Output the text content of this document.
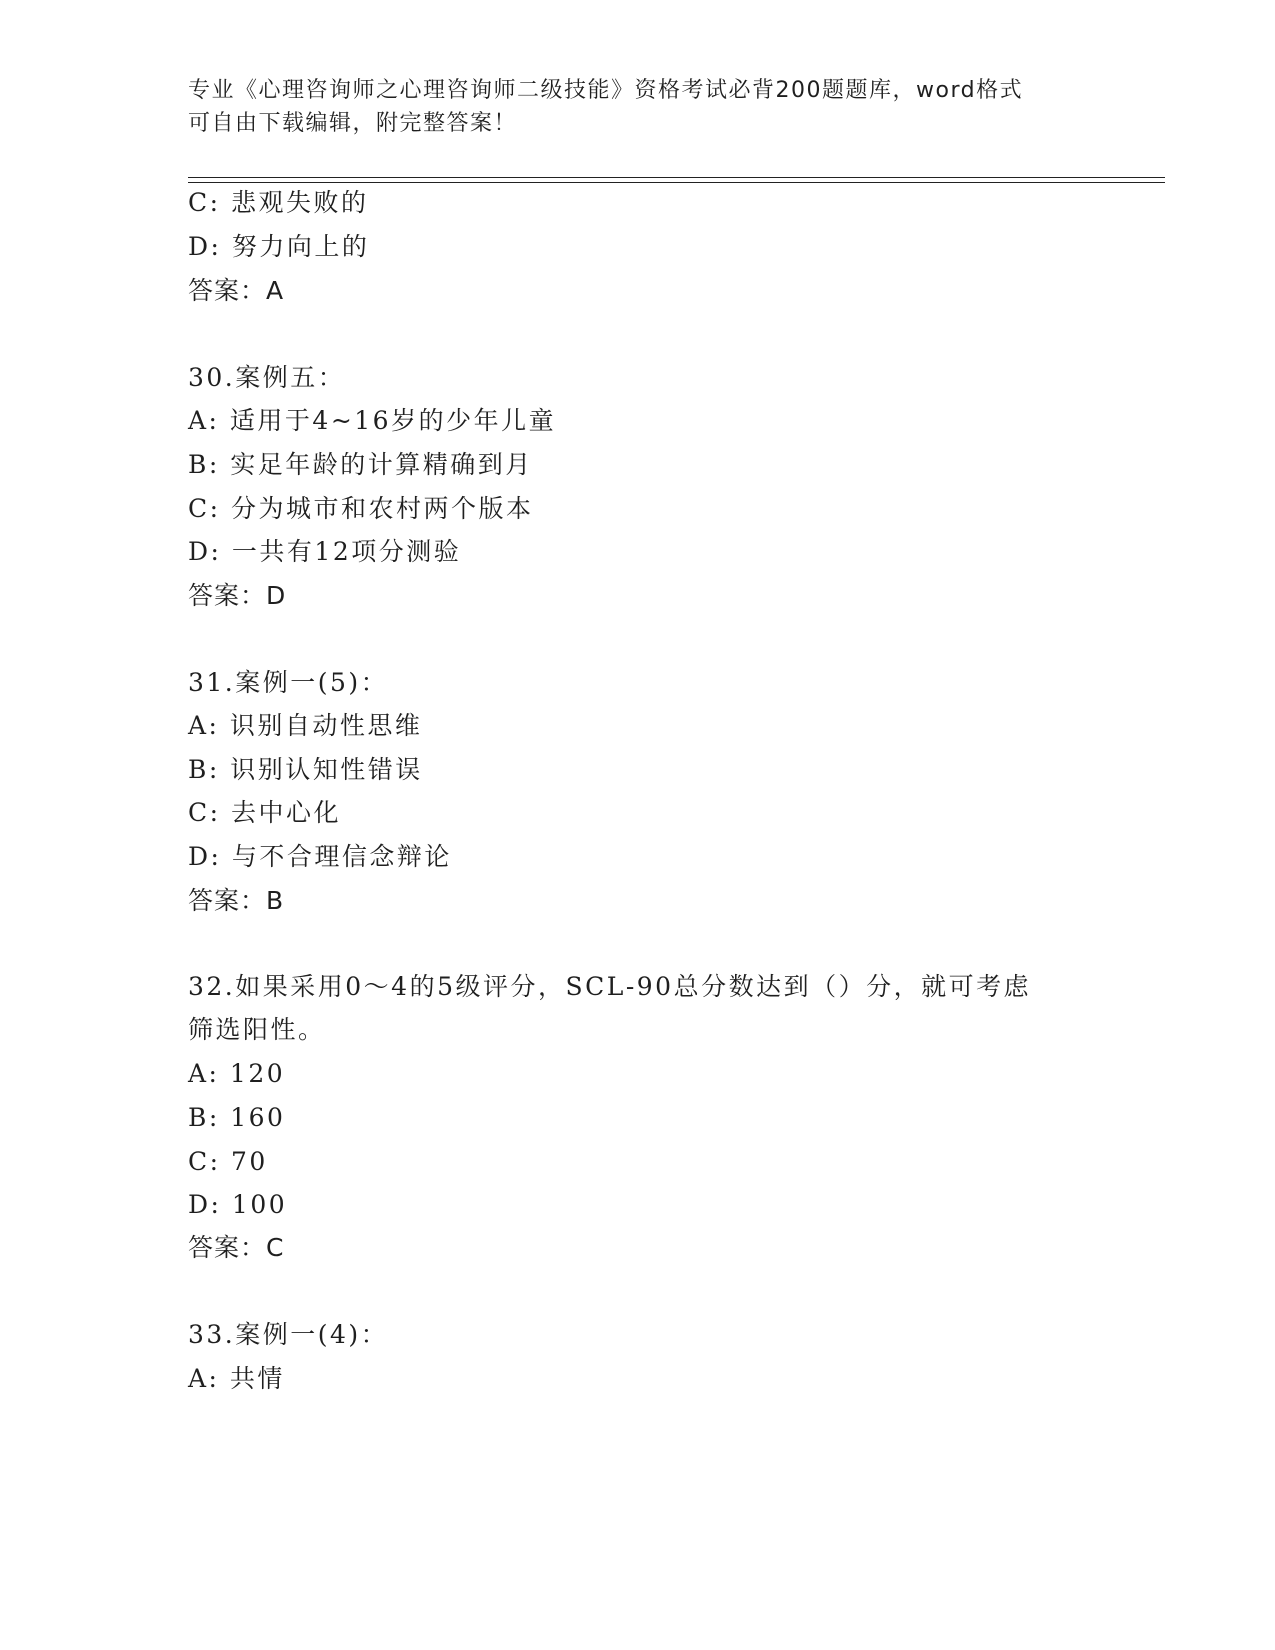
专业《心理咨询师之心理咨询师二级技能》资格考试必背200题题库，word格式
可自由下载编辑，附完整答案！
C: 悲观失败的
D: 努力向上的
答案：A
30.案例五：
A: 适用于4~16岁的少年儿童
B: 实足年龄的计算精确到月
C: 分为城市和农村两个版本
D: 一共有12项分测验
答案：D
31.案例一(5)：
A: 识别自动性思维
B: 识别认知性错误
C: 去中心化
D: 与不合理信念辩论
答案：B
32.如果采用0～4的5级评分，SCL-90总分数达到（）分，就可考虑
筛选阳性。
A: 120
B: 160
C: 70
D: 100
答案：C
33.案例一(4)：
A: 共情
